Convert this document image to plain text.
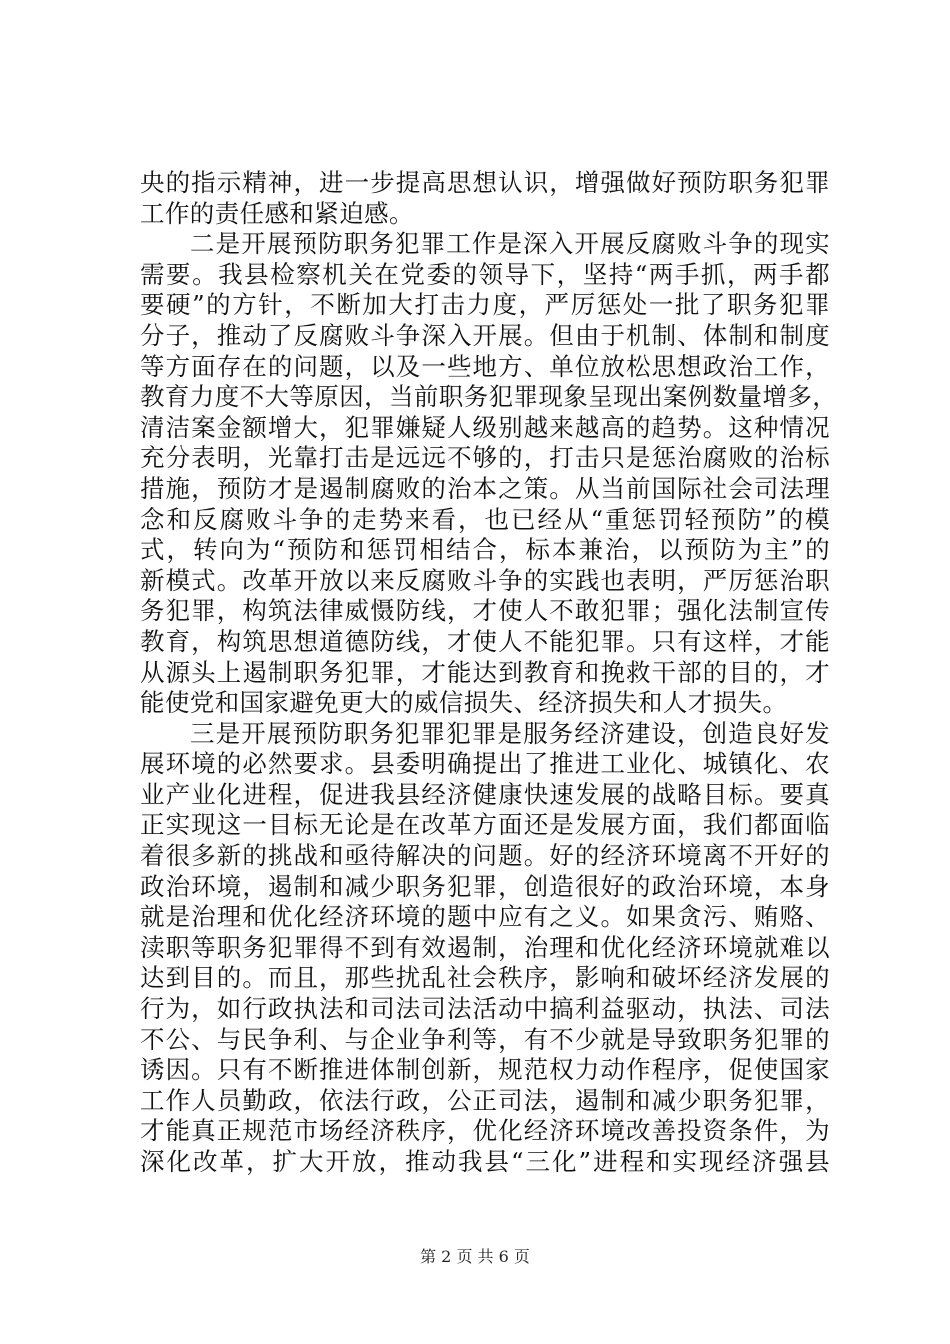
央的指示精神，进一步提高思想认识，增强做好预防职务犯罪
工作的责任感和紧迫感。
二是开展预防职务犯罪工作是深入开展反腐败斗争的现实
需要。我县检察机关在党委的领导下，坚持“两手抓，两手都
要硬”的方针，不断加大打击力度，严厉惩处一批了职务犯罪
分子，推动了反腐败斗争深入开展。但由于机制、体制和制度
等方面存在的问题，以及一些地方、单位放松思想政治工作，
教育力度不大等原因，当前职务犯罪现象呈现出案例数量增多，
清洁案金额增大，犯罪嫌疑人级别越来越高的趋势。这种情况
充分表明，光靠打击是远远不够的，打击只是惩治腐败的治标
措施，预防才是遏制腐败的治本之策。从当前国际社会司法理
念和反腐败斗争的走势来看，也已经从“重惩罚轻预防”的模
式，转向为“预防和惩罚相结合，标本兼治，以预防为主”的
新模式。改革开放以来反腐败斗争的实践也表明，严厉惩治职
务犯罪，构筑法律威慑防线，才使人不敢犯罪；强化法制宣传
教育，构筑思想道德防线，才使人不能犯罪。只有这样，才能
从源头上遏制职务犯罪，才能达到教育和挽救干部的目的，才
能使党和国家避免更大的威信损失、经济损失和人才损失。
三是开展预防职务犯罪犯罪是服务经济建设，创造良好发
展环境的必然要求。县委明确提出了推进工业化、城镇化、农
业产业化进程，促进我县经济健康快速发展的战略目标。要真
正实现这一目标无论是在改革方面还是发展方面，我们都面临
着很多新的挑战和亟待解决的问题。好的经济环境离不开好的
政治环境，遏制和减少职务犯罪，创造很好的政治环境，本身
就是治理和优化经济环境的题中应有之义。如果贪污、贿赂、
渎职等职务犯罪得不到有效遏制，治理和优化经济环境就难以
达到目的。而且，那些扰乱社会秩序，影响和破坏经济发展的
行为，如行政执法和司法司法活动中搞利益驱动，执法、司法
不公、与民争利、与企业争利等，有不少就是导致职务犯罪的
诱因。只有不断推进体制创新，规范权力动作程序，促使国家
工作人员勤政，依法行政，公正司法，遏制和减少职务犯罪，
才能真正规范市场经济秩序，优化经济环境改善投资条件，为
深化改革，扩大开放，推动我县“三化”进程和实现经济强县
第 2 页 共 6 页
